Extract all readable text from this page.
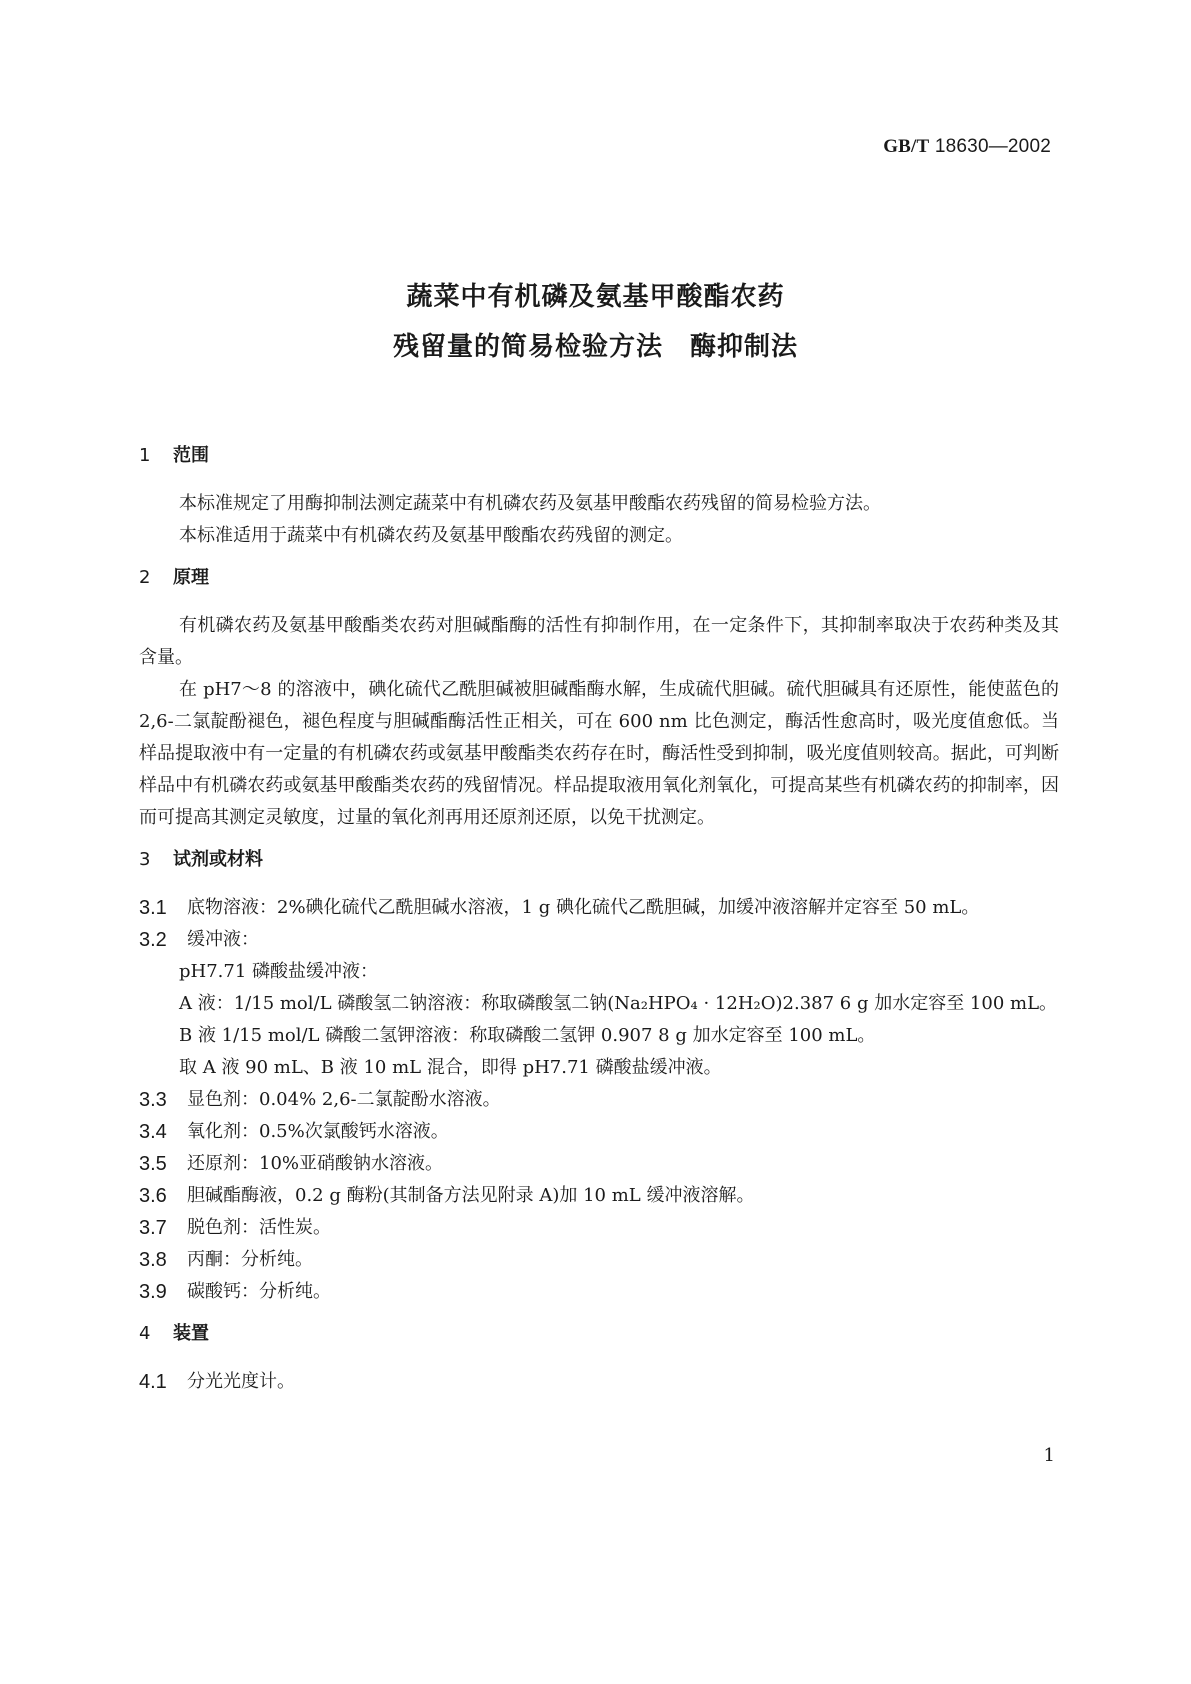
GB/T 18630—2002
蔬菜中有机磷及氨基甲酸酯农药
残留量的简易检验方法　酶抑制法
1 范围

本标准规定了用酶抑制法测定蔬菜中有机磷农药及氨基甲酸酯农药残留的简易检验方法。

本标准适用于蔬菜中有机磷农药及氨基甲酸酯农药残留的测定。

2 原理

有机磷农药及氨基甲酸酯类农药对胆碱酯酶的活性有抑制作用，在一定条件下，其抑制率取决于农药种类及其含量。

在 pH7～8 的溶液中，碘化硫代乙酰胆碱被胆碱酯酶水解，生成硫代胆碱。硫代胆碱具有还原性，能使蓝色的 2,6-二氯靛酚褪色，褪色程度与胆碱酯酶活性正相关，可在 600 nm 比色测定，酶活性愈高时，吸光度值愈低。当样品提取液中有一定量的有机磷农药或氨基甲酸酯类农药存在时，酶活性受到抑制，吸光度值则较高。据此，可判断样品中有机磷农药或氨基甲酸酯类农药的残留情况。样品提取液用氧化剂氧化，可提高某些有机磷农药的抑制率，因而可提高其测定灵敏度，过量的氧化剂再用还原剂还原，以免干扰测定。

3 试剂或材料
3.1	底物溶液：2%碘化硫代乙酰胆碱水溶液，1 g 碘化硫代乙酰胆碱，加缓冲液溶解并定容至 50 mL。
3.2	缓冲液：

pH7.71 磷酸盐缓冲液：

A 液：1/15 mol/L 磷酸氢二钠溶液：称取磷酸氢二钠(Na₂HPO₄ · 12H₂O)2.387 6 g 加水定容至 100 mL。

B 液 1/15 mol/L 磷酸二氢钾溶液：称取磷酸二氢钾 0.907 8 g 加水定容至 100 mL。

取 A 液 90 mL、B 液 10 mL 混合，即得 pH7.71 磷酸盐缓冲液。

3.3	显色剂：0.04% 2,6-二氯靛酚水溶液。
3.4	氧化剂：0.5%次氯酸钙水溶液。
3.5	还原剂：10%亚硝酸钠水溶液。
3.6	胆碱酯酶液，0.2 g 酶粉(其制备方法见附录 A)加 10 mL 缓冲液溶解。
3.7	脱色剂：活性炭。
3.8	丙酮：分析纯。
3.9	碳酸钙：分析纯。
4 装置
4.1	分光光度计。
1
